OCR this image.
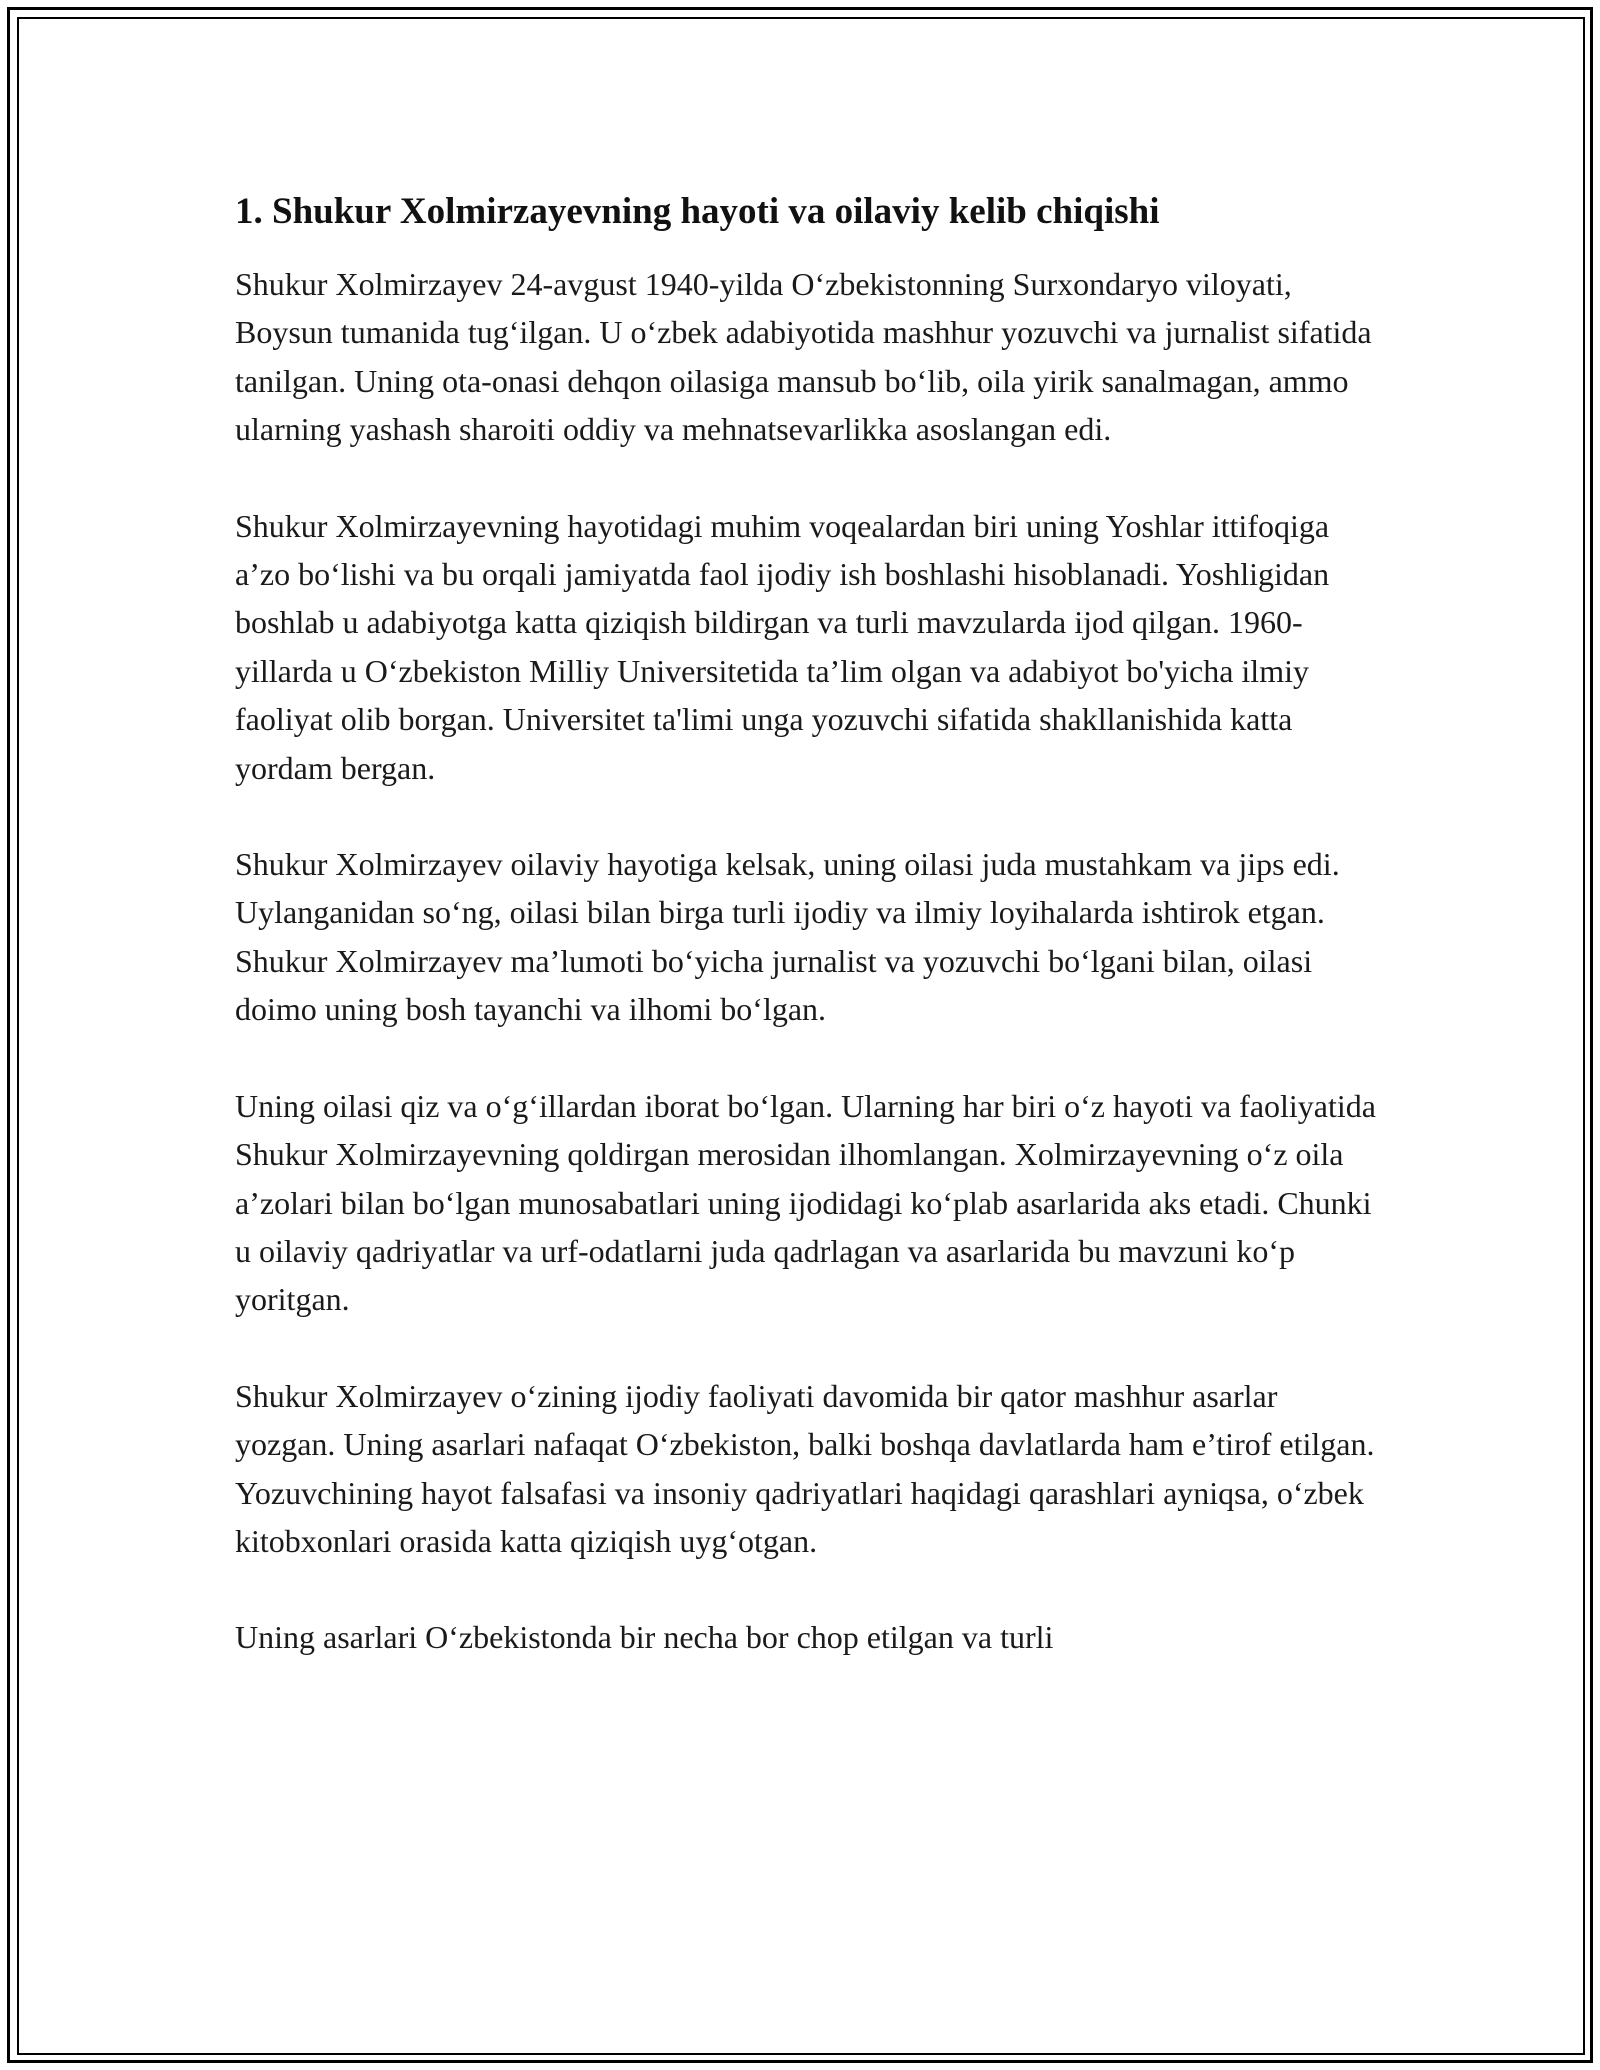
1. Shukur Xolmirzayevning hayoti va oilaviy kelib chiqishi

Shukur Xolmirzayev 24-avgust 1940-yilda O‘zbekistonning Surxondaryo viloyati, Boysun tumanida tug‘ilgan. U o‘zbek adabiyotida mashhur yozuvchi va jurnalist sifatida tanilgan. Uning ota-onasi dehqon oilasiga mansub bo‘lib, oila yirik sanalmagan, ammo ularning yashash sharoiti oddiy va mehnatsevarlikka asoslangan edi.

Shukur Xolmirzayevning hayotidagi muhim voqealardan biri uning Yoshlar ittifoqiga a’zo bo‘lishi va bu orqali jamiyatda faol ijodiy ish boshlashi hisoblanadi. Yoshligidan boshlab u adabiyotga katta qiziqish bildirgan va turli mavzularda ijod qilgan. 1960-yillarda u O‘zbekiston Milliy Universitetida ta’lim olgan va adabiyot bo'yicha ilmiy faoliyat olib borgan. Universitet ta'limi unga yozuvchi sifatida shakllanishida katta yordam bergan.

Shukur Xolmirzayev oilaviy hayotiga kelsak, uning oilasi juda mustahkam va jips edi. Uylanganidan so‘ng, oilasi bilan birga turli ijodiy va ilmiy loyihalarda ishtirok etgan. Shukur Xolmirzayev ma’lumoti bo‘yicha jurnalist va yozuvchi bo‘lgani bilan, oilasi doimo uning bosh tayanchi va ilhomi bo‘lgan.

Uning oilasi qiz va o‘g‘illardan iborat bo‘lgan. Ularning har biri o‘z hayoti va faoliyatida Shukur Xolmirzayevning qoldirgan merosidan ilhomlangan. Xolmirzayevning o‘z oila a’zolari bilan bo‘lgan munosabatlari uning ijodidagi ko‘plab asarlarida aks etadi. Chunki u oilaviy qadriyatlar va urf-odatlarni juda qadrlagan va asarlarida bu mavzuni ko‘p yoritgan.

Shukur Xolmirzayev o‘zining ijodiy faoliyati davomida bir qator mashhur asarlar yozgan. Uning asarlari nafaqat O‘zbekiston, balki boshqa davlatlarda ham e’tirof etilgan. Yozuvchining hayot falsafasi va insoniy qadriyatlari haqidagi qarashlari ayniqsa, o‘zbek kitobxonlari orasida katta qiziqish uyg‘otgan.

Uning asarlari O‘zbekistonda bir necha bor chop etilgan va turli
